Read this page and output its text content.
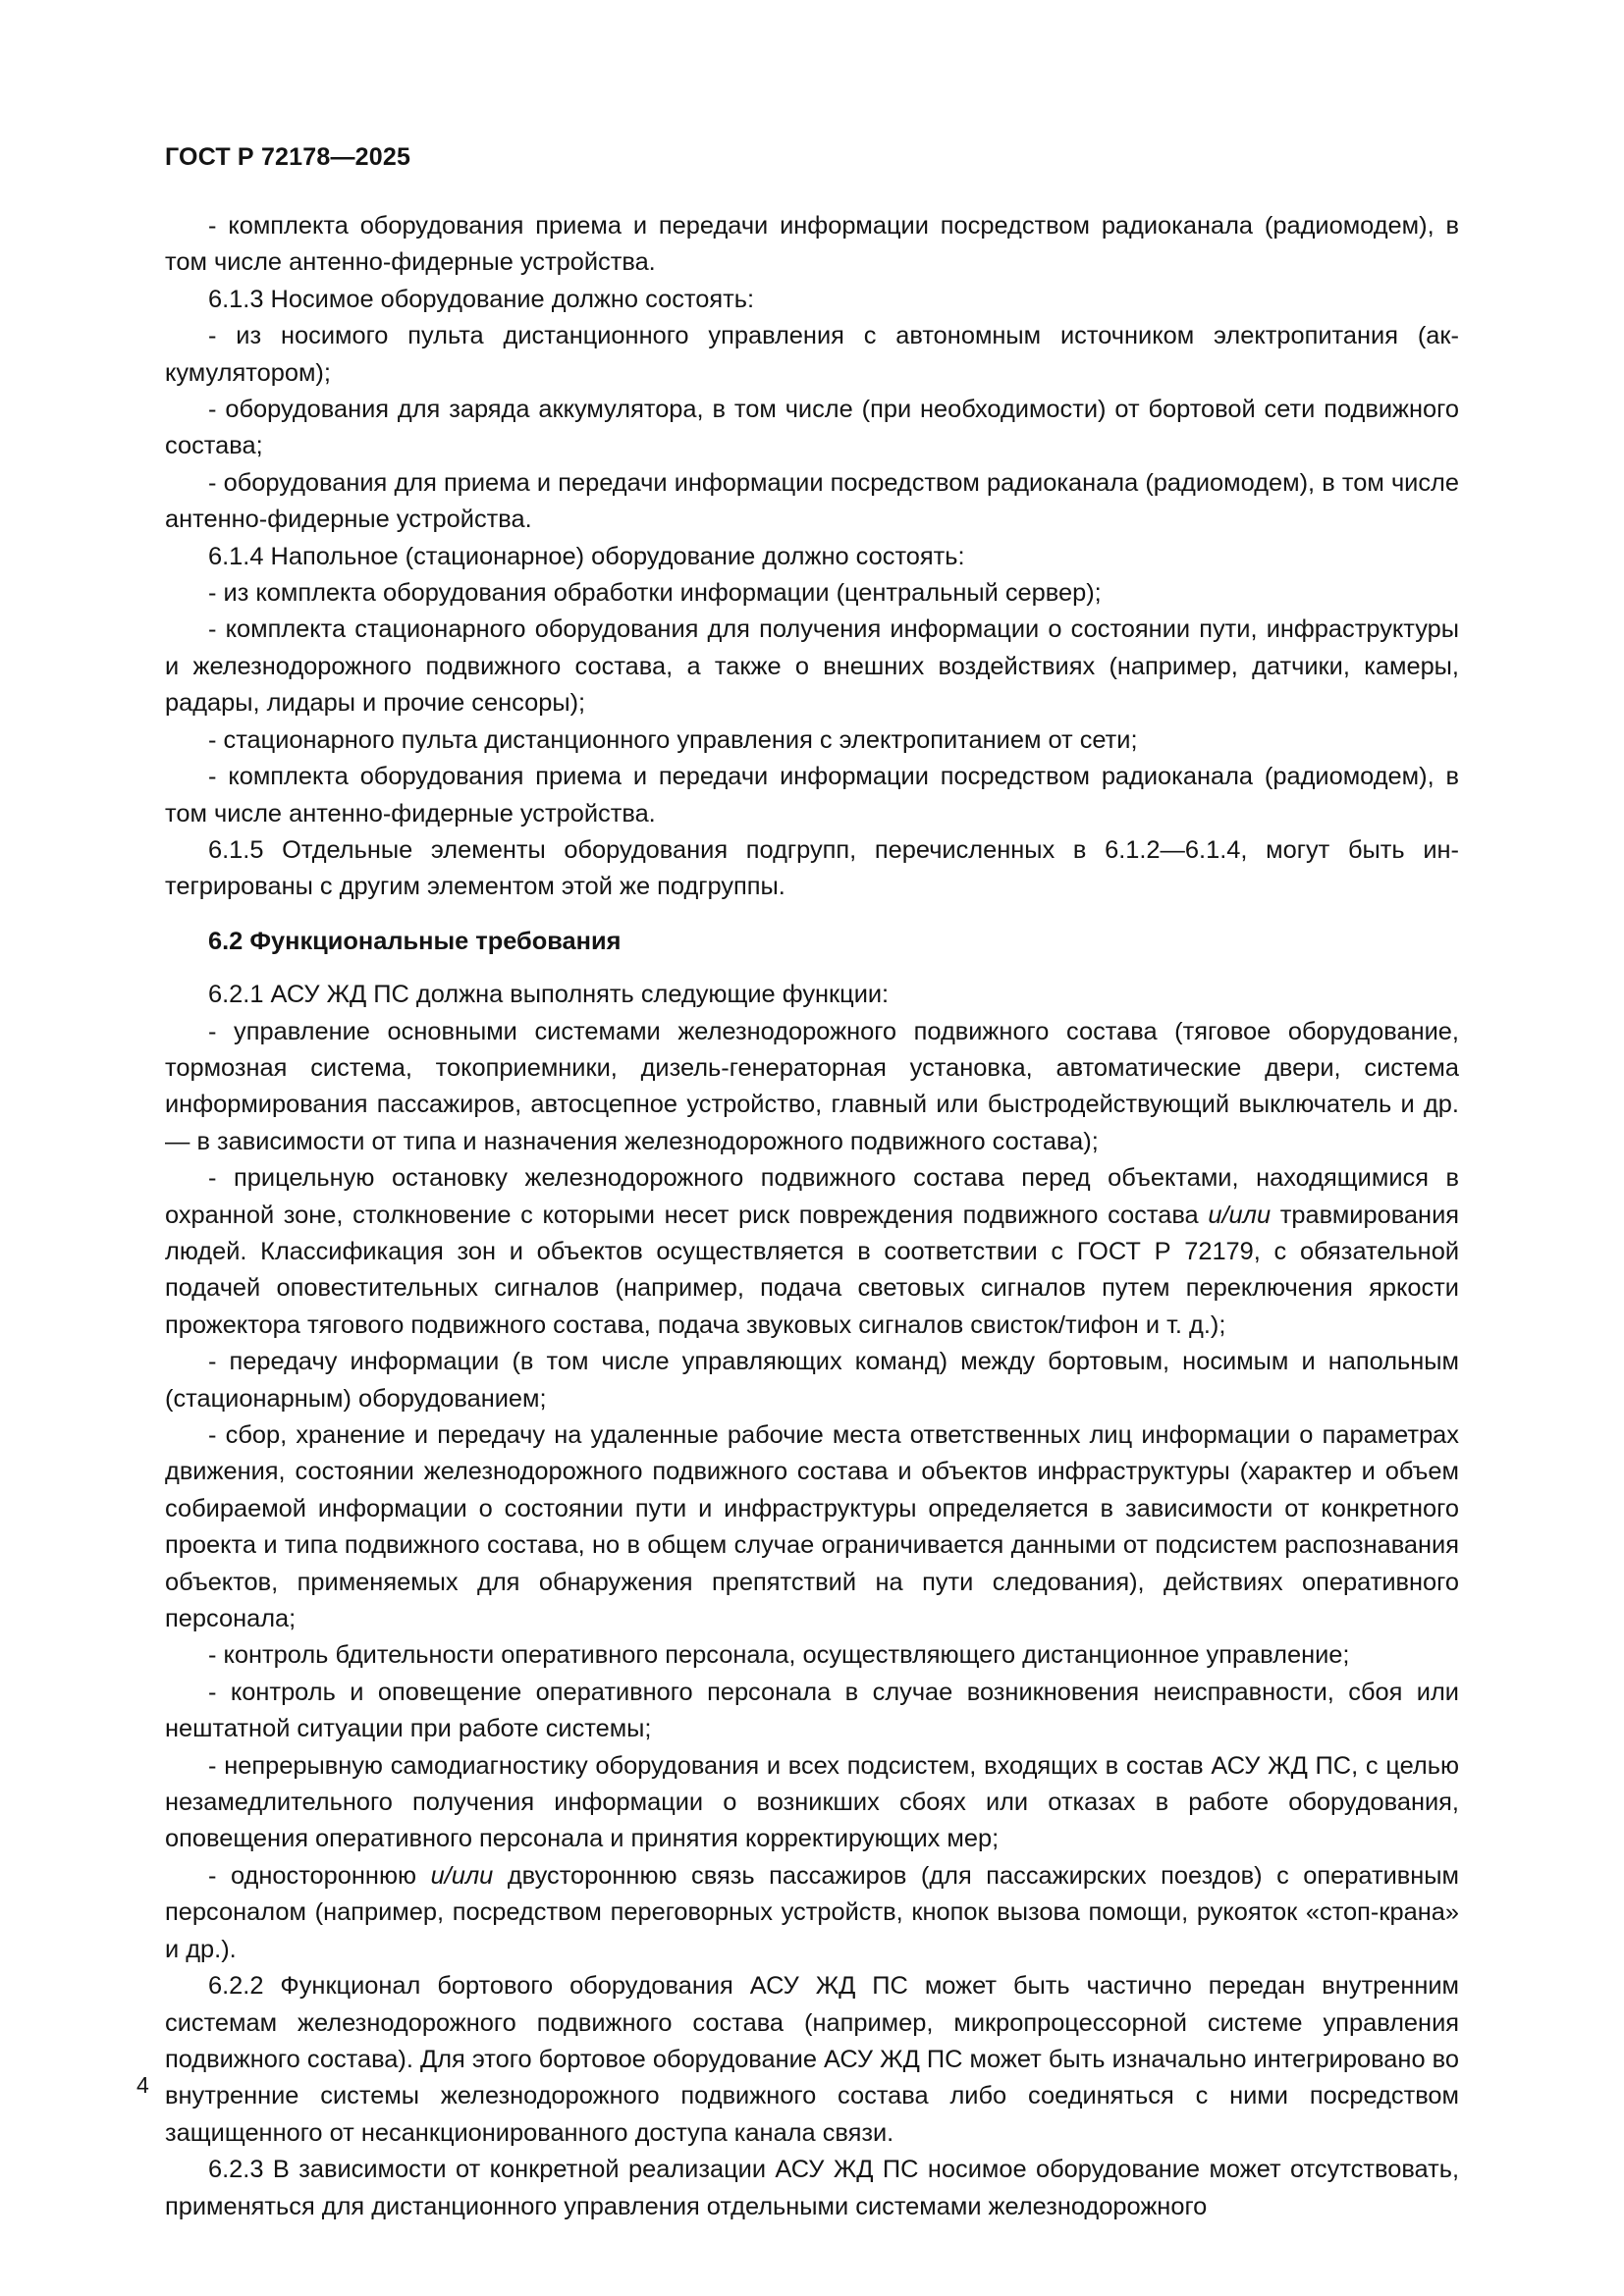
ГОСТ Р 72178—2025

- комплекта оборудования приема и передачи информации посредством радиоканала (радиомодем), в том числе антенно-фидерные устройства.

6.1.3 Носимое оборудование должно состоять:

- из носимого пульта дистанционного управления с автономным источником электропитания (аккумулятором);

- оборудования для заряда аккумулятора, в том числе (при необходимости) от бортовой сети подвижного состава;

- оборудования для приема и передачи информации посредством радиоканала (радиомодем), в том числе антенно-фидерные устройства.

6.1.4 Напольное (стационарное) оборудование должно состоять:

- из комплекта оборудования обработки информации (центральный сервер);

- комплекта стационарного оборудования для получения информации о состоянии пути, инфраструктуры и железнодорожного подвижного состава, а также о внешних воздействиях (например, датчики, камеры, радары, лидары и прочие сенсоры);

- стационарного пульта дистанционного управления с электропитанием от сети;

- комплекта оборудования приема и передачи информации посредством радиоканала (радиомодем), в том числе антенно-фидерные устройства.

6.1.5 Отдельные элементы оборудования подгрупп, перечисленных в 6.1.2—6.1.4, могут быть интегрированы с другим элементом этой же подгруппы.

6.2 Функциональные требования

6.2.1 АСУ ЖД ПС должна выполнять следующие функции:

- управление основными системами железнодорожного подвижного состава (тяговое оборудование, тормозная система, токоприемники, дизель-генераторная установка, автоматические двери, система информирования пассажиров, автосцепное устройство, главный или быстродействующий выключатель и др. — в зависимости от типа и назначения железнодорожного подвижного состава);

- прицельную остановку железнодорожного подвижного состава перед объектами, находящимися в охранной зоне, столкновение с которыми несет риск повреждения подвижного состава и/или травмирования людей. Классификация зон и объектов осуществляется в соответствии с ГОСТ Р 72179, с обязательной подачей оповестительных сигналов (например, подача световых сигналов путем переключения яркости прожектора тягового подвижного состава, подача звуковых сигналов свисток/тифон и т. д.);

- передачу информации (в том числе управляющих команд) между бортовым, носимым и напольным (стационарным) оборудованием;

- сбор, хранение и передачу на удаленные рабочие места ответственных лиц информации о параметрах движения, состоянии железнодорожного подвижного состава и объектов инфраструктуры (характер и объем собираемой информации о состоянии пути и инфраструктуры определяется в зависимости от конкретного проекта и типа подвижного состава, но в общем случае ограничивается данными от подсистем распознавания объектов, применяемых для обнаружения препятствий на пути следования), действиях оперативного персонала;

- контроль бдительности оперативного персонала, осуществляющего дистанционное управление;

- контроль и оповещение оперативного персонала в случае возникновения неисправности, сбоя или нештатной ситуации при работе системы;

- непрерывную самодиагностику оборудования и всех подсистем, входящих в состав АСУ ЖД ПС, с целью незамедлительного получения информации о возникших сбоях или отказах в работе оборудования, оповещения оперативного персонала и принятия корректирующих мер;

- одностороннюю и/или двустороннюю связь пассажиров (для пассажирских поездов) с оперативным персоналом (например, посредством переговорных устройств, кнопок вызова помощи, рукояток «стоп-крана» и др.).

6.2.2 Функционал бортового оборудования АСУ ЖД ПС может быть частично передан внутренним системам железнодорожного подвижного состава (например, микропроцессорной системе управления подвижного состава). Для этого бортовое оборудование АСУ ЖД ПС может быть изначально интегрировано во внутренние системы железнодорожного подвижного состава либо соединяться с ними посредством защищенного от несанкционированного доступа канала связи.

6.2.3 В зависимости от конкретной реализации АСУ ЖД ПС носимое оборудование может отсутствовать, применяться для дистанционного управления отдельными системами железнодорожного

4
